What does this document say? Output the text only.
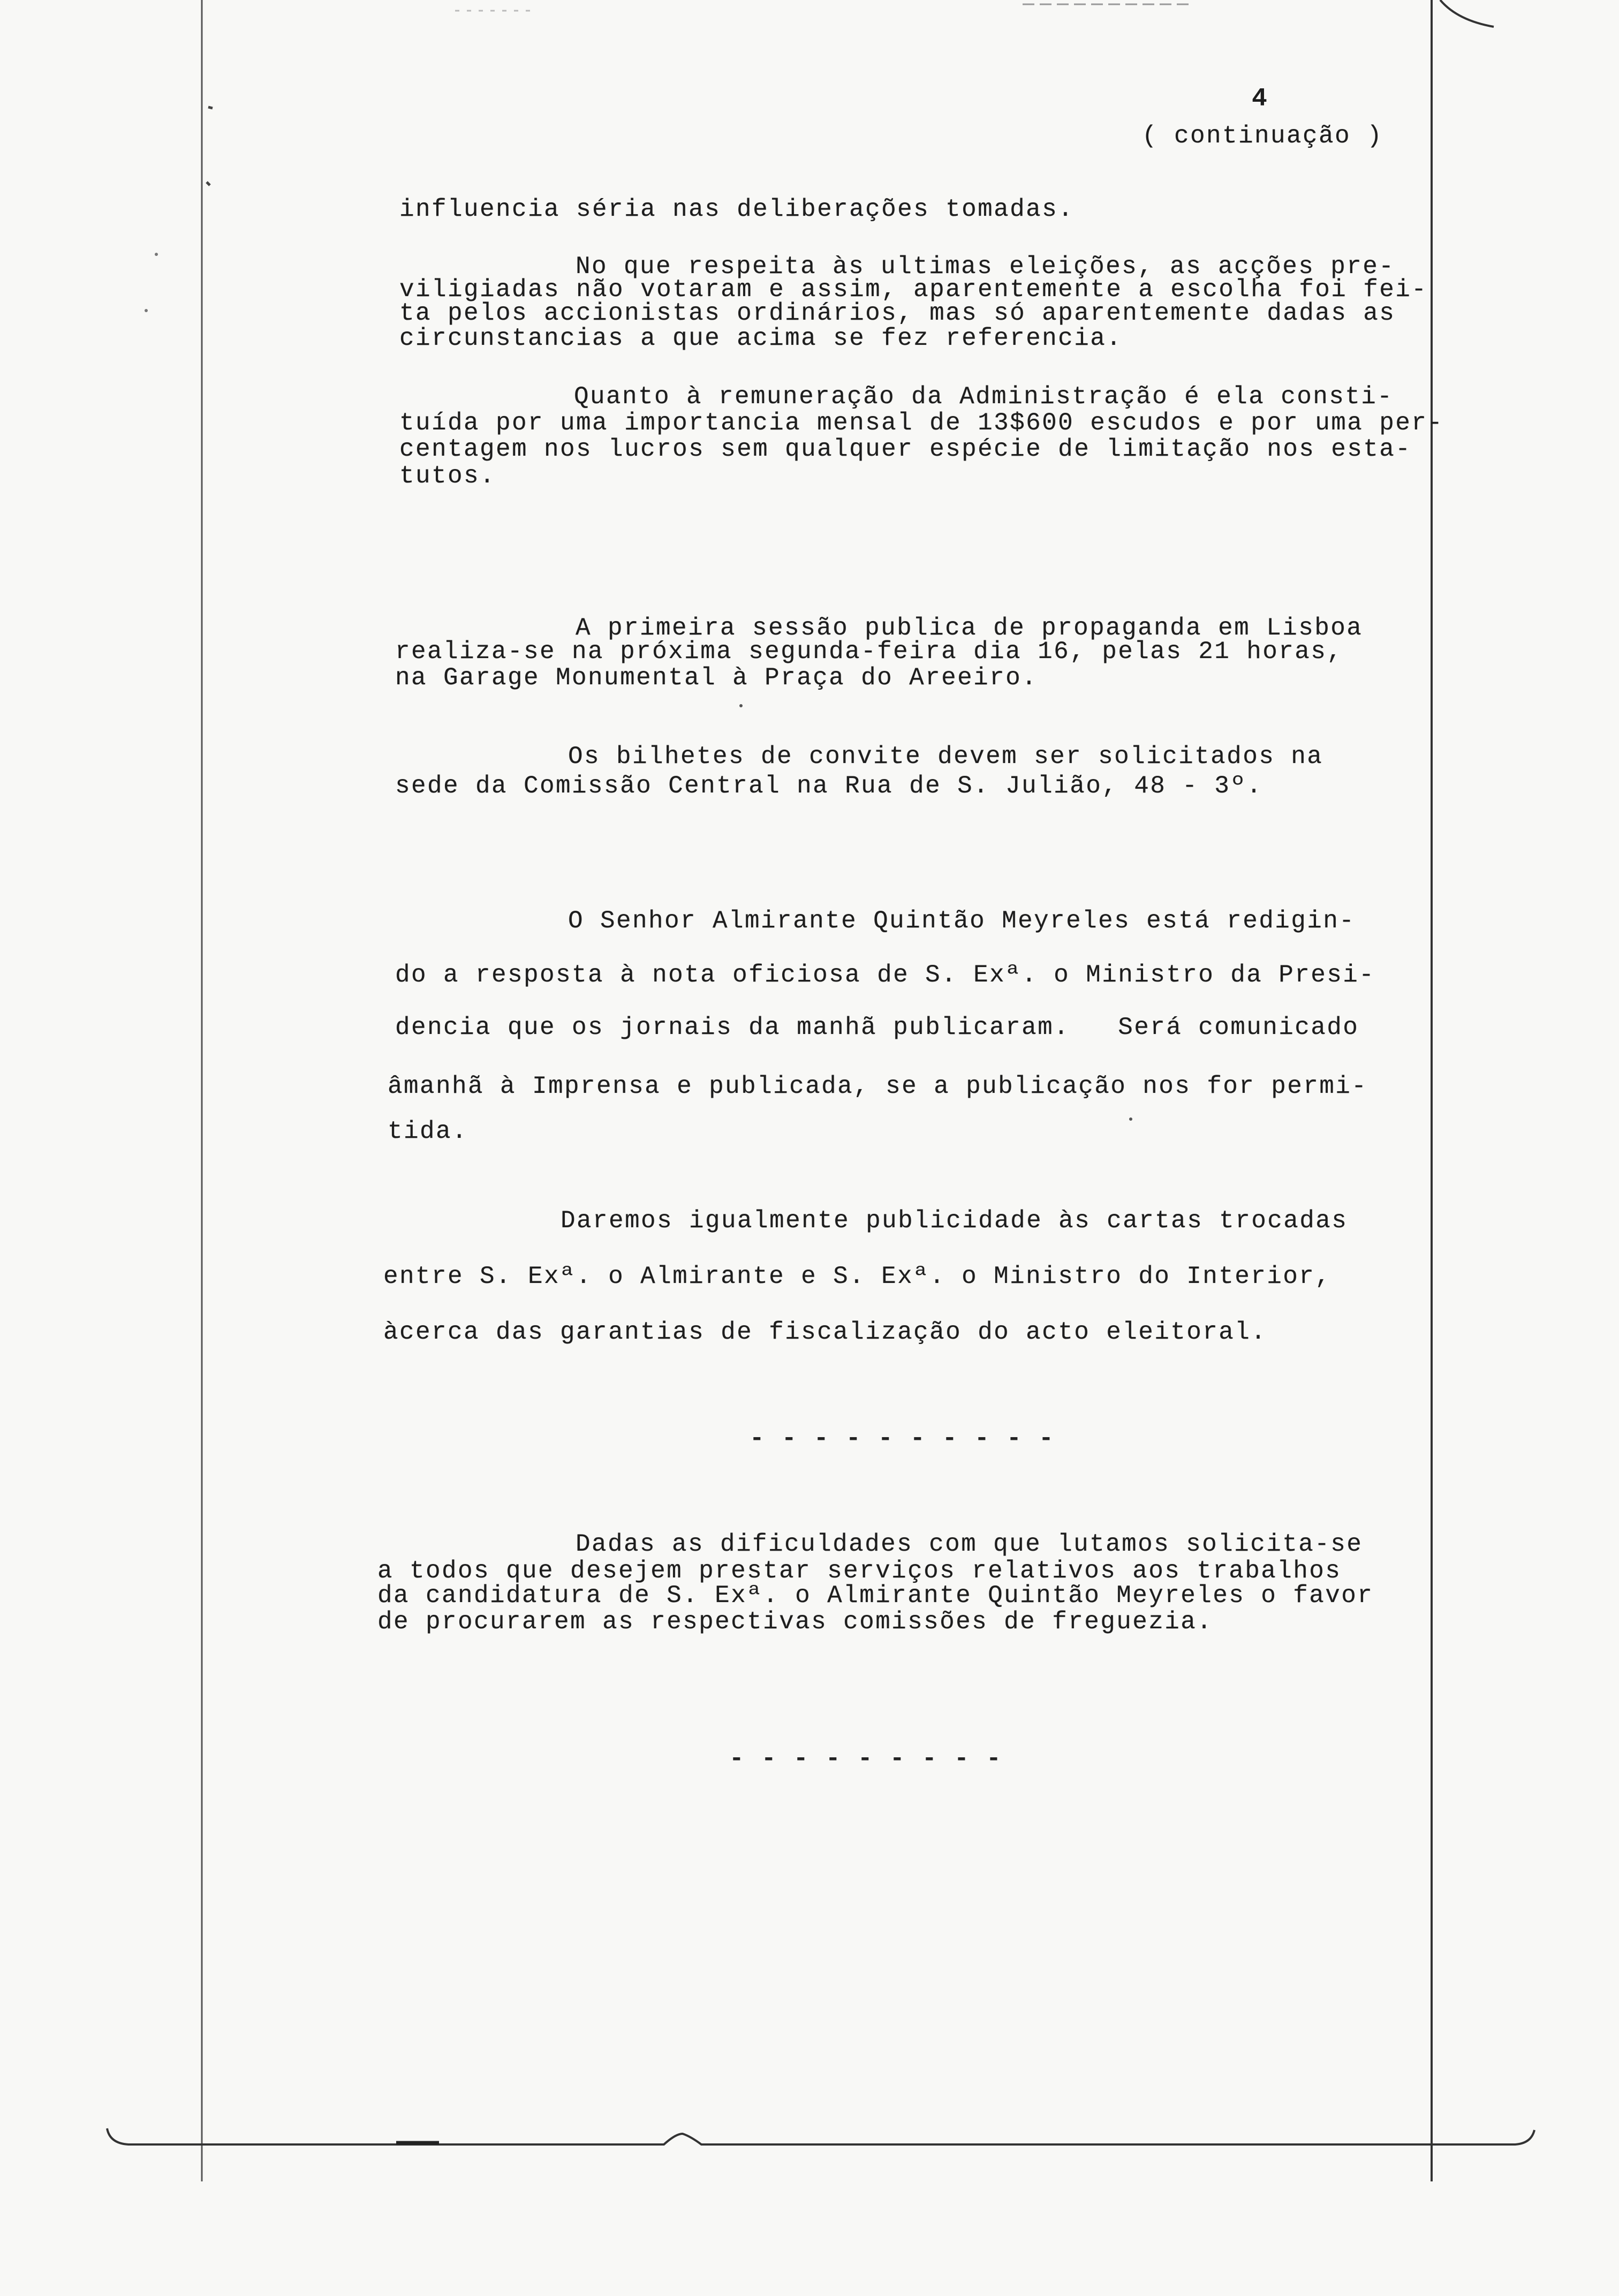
4
( continuação )
influencia séria nas deliberações tomadas.
No que respeita às ultimas eleições, as acções pre-
viligiadas não votaram e assim, aparentemente a escolha foi fei-
ta pelos accionistas ordinários, mas só aparentemente dadas as
circunstancias a que acima se fez referencia.
Quanto à remuneração da Administração é ela consti-
tuída por uma importancia mensal de 13$600 escudos e por uma per-
centagem nos lucros sem qualquer espécie de limitação nos esta-
tutos.
A primeira sessão publica de propaganda em Lisboa
realiza-se na próxima segunda-feira dia 16, pelas 21 horas,
na Garage Monumental à Praça do Areeiro.
Os bilhetes de convite devem ser solicitados na
sede da Comissão Central na Rua de S. Julião, 48 - 3º.
O Senhor Almirante Quintão Meyreles está redigin-
do a resposta à nota oficiosa de S. Exª. o Ministro da Presi-
dencia que os jornais da manhã publicaram.   Será comunicado
âmanhã à Imprensa e publicada, se a publicação nos for permi-
tida.
Daremos igualmente publicidade às cartas trocadas
entre S. Exª. o Almirante e S. Exª. o Ministro do Interior,
àcerca das garantias de fiscalização do acto eleitoral.
- - - - - - - - - -
Dadas as dificuldades com que lutamos solicita-se
a todos que desejem prestar serviços relativos aos trabalhos
da candidatura de S. Exª. o Almirante Quintão Meyreles o favor
de procurarem as respectivas comissões de freguezia.
- - - - - - - - -
